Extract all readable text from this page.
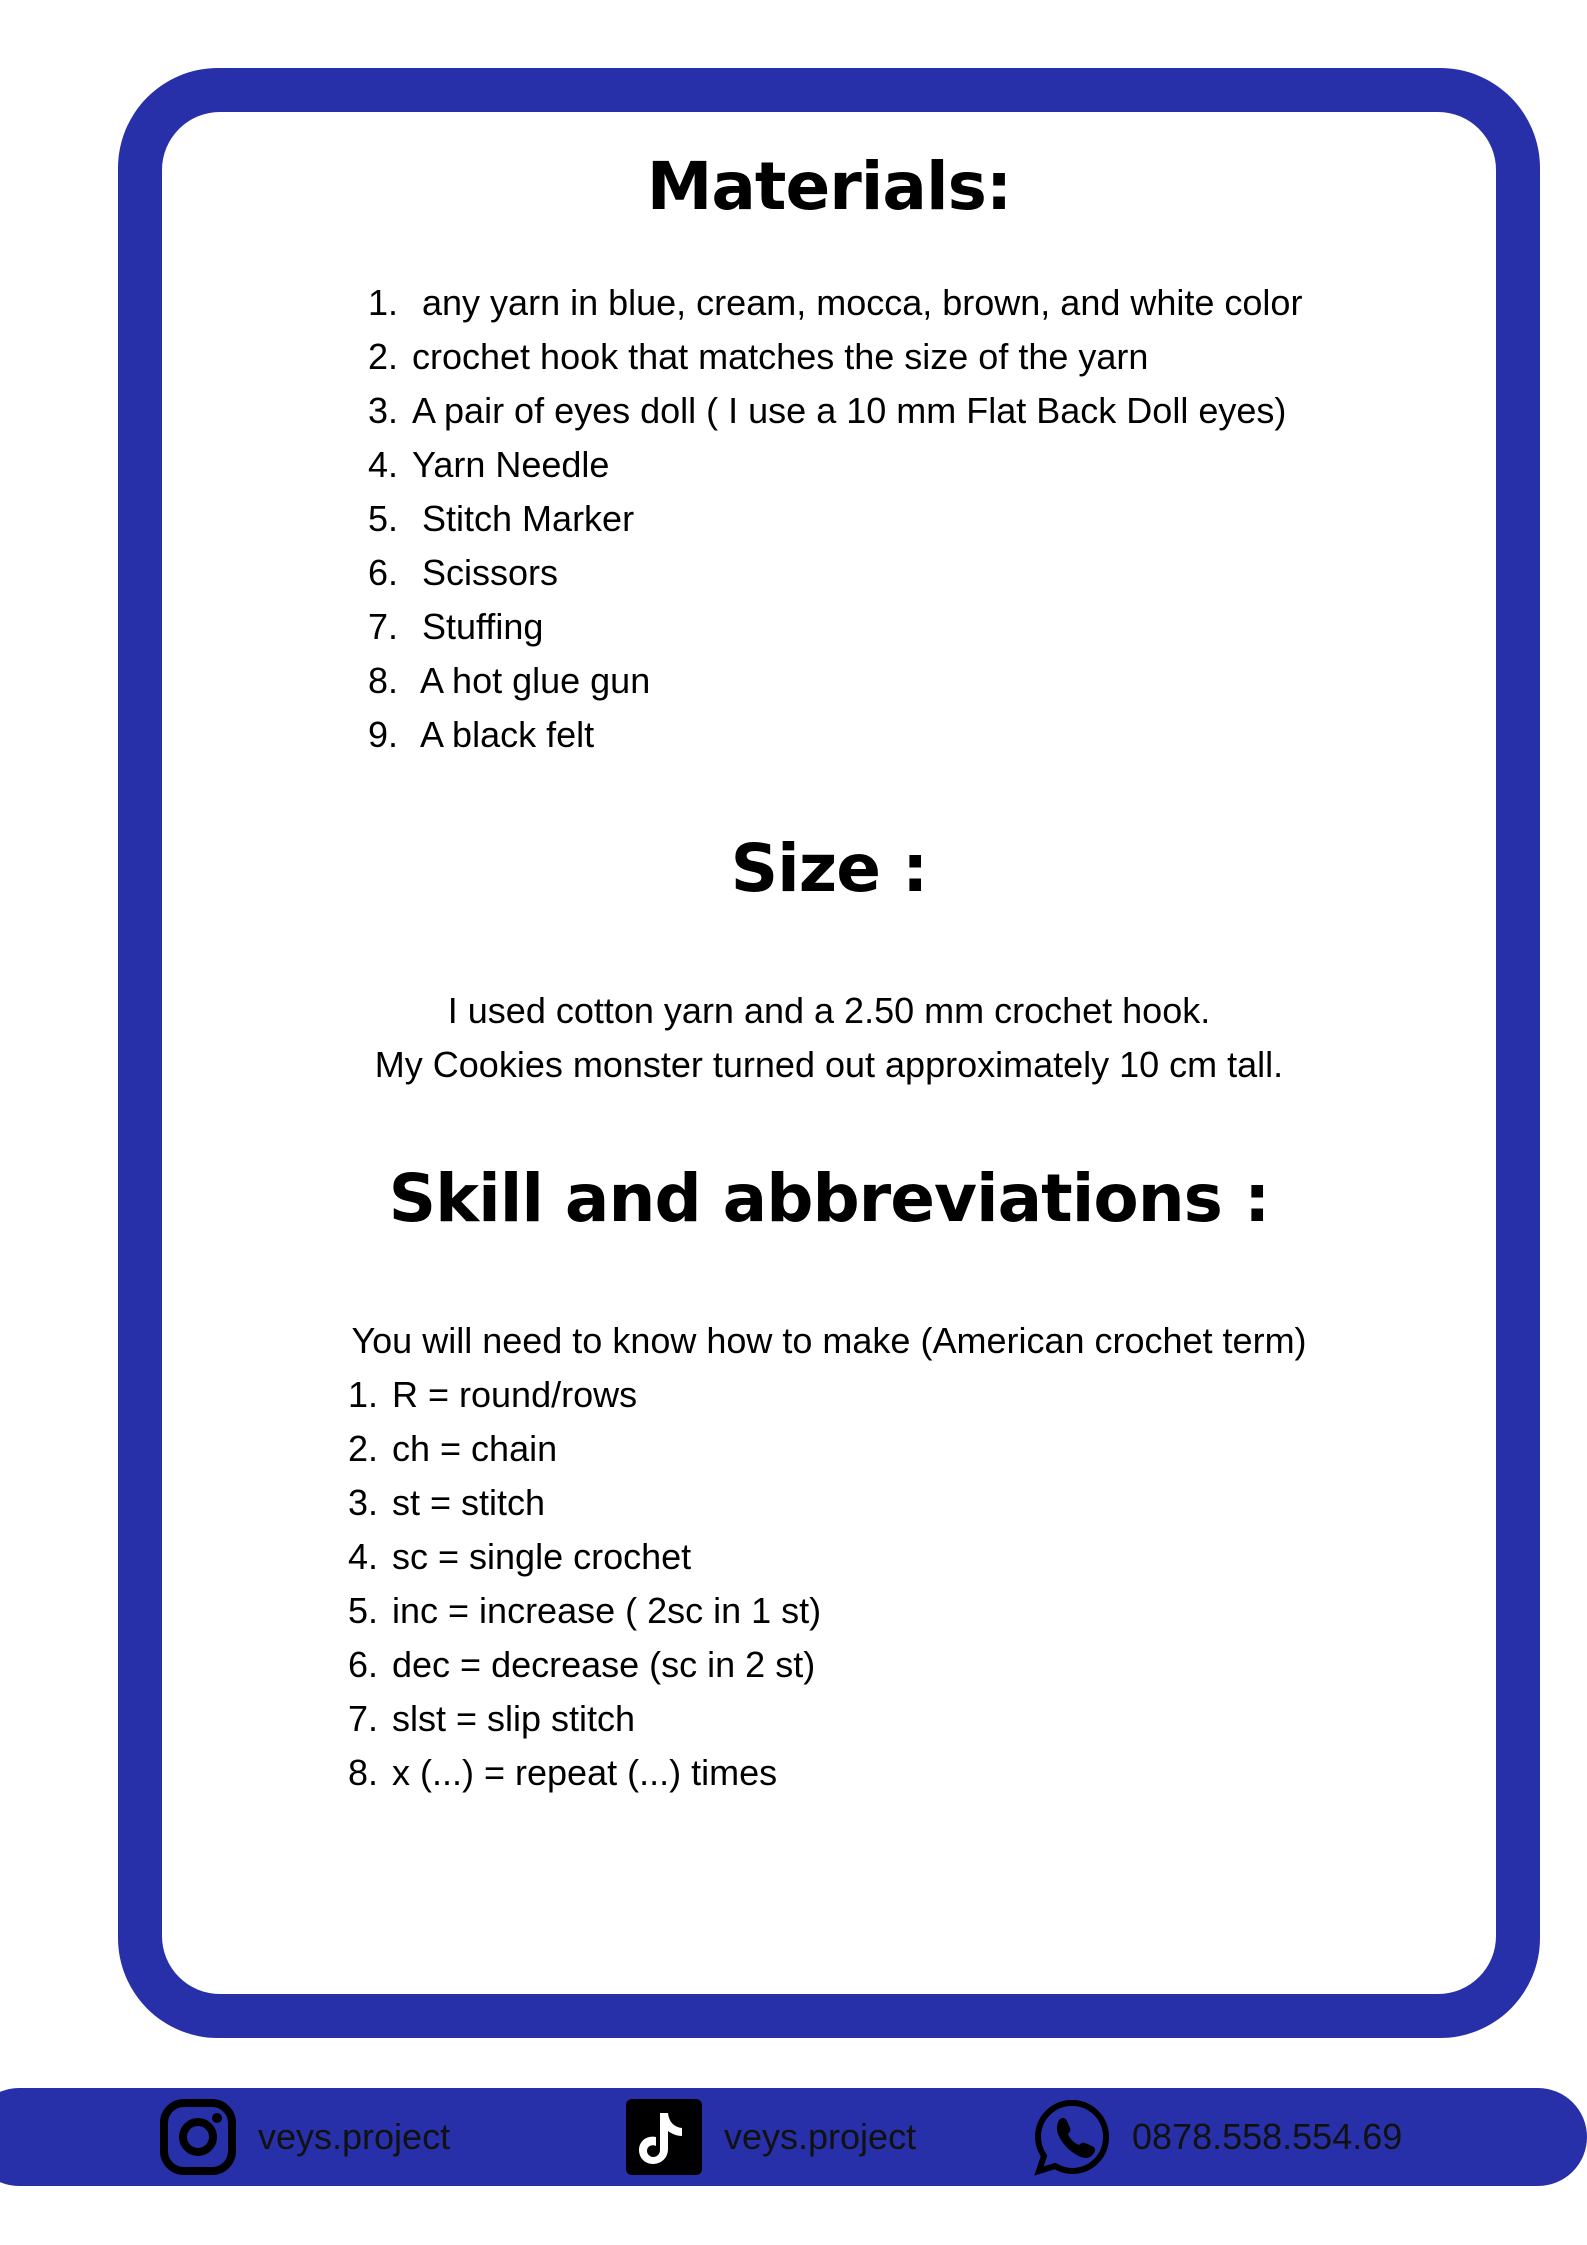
Materials:
1. any yarn in blue, cream, mocca, brown, and white color
2. crochet hook that matches the size of the yarn
3. A pair of eyes doll ( I use a 10 mm Flat Back Doll eyes)
4. Yarn Needle
5. Stitch Marker
6. Scissors
7. Stuffing
8. A hot glue gun
9. A black felt
Size :

I used cotton yarn and a 2.50 mm crochet hook.
My Cookies monster turned out approximately 10 cm tall.

Skill and abbreviations :

You will need to know how to make (American crochet term)

1. R = round/rows
2. ch = chain
3. st = stitch
4. sc = single crochet
5. inc = increase ( 2sc in 1 st)
6. dec = decrease (sc in 2 st)
7. slst = slip stitch
8. x (...) = repeat (...) times
veys.project	veys.project	0878.558.554.69
